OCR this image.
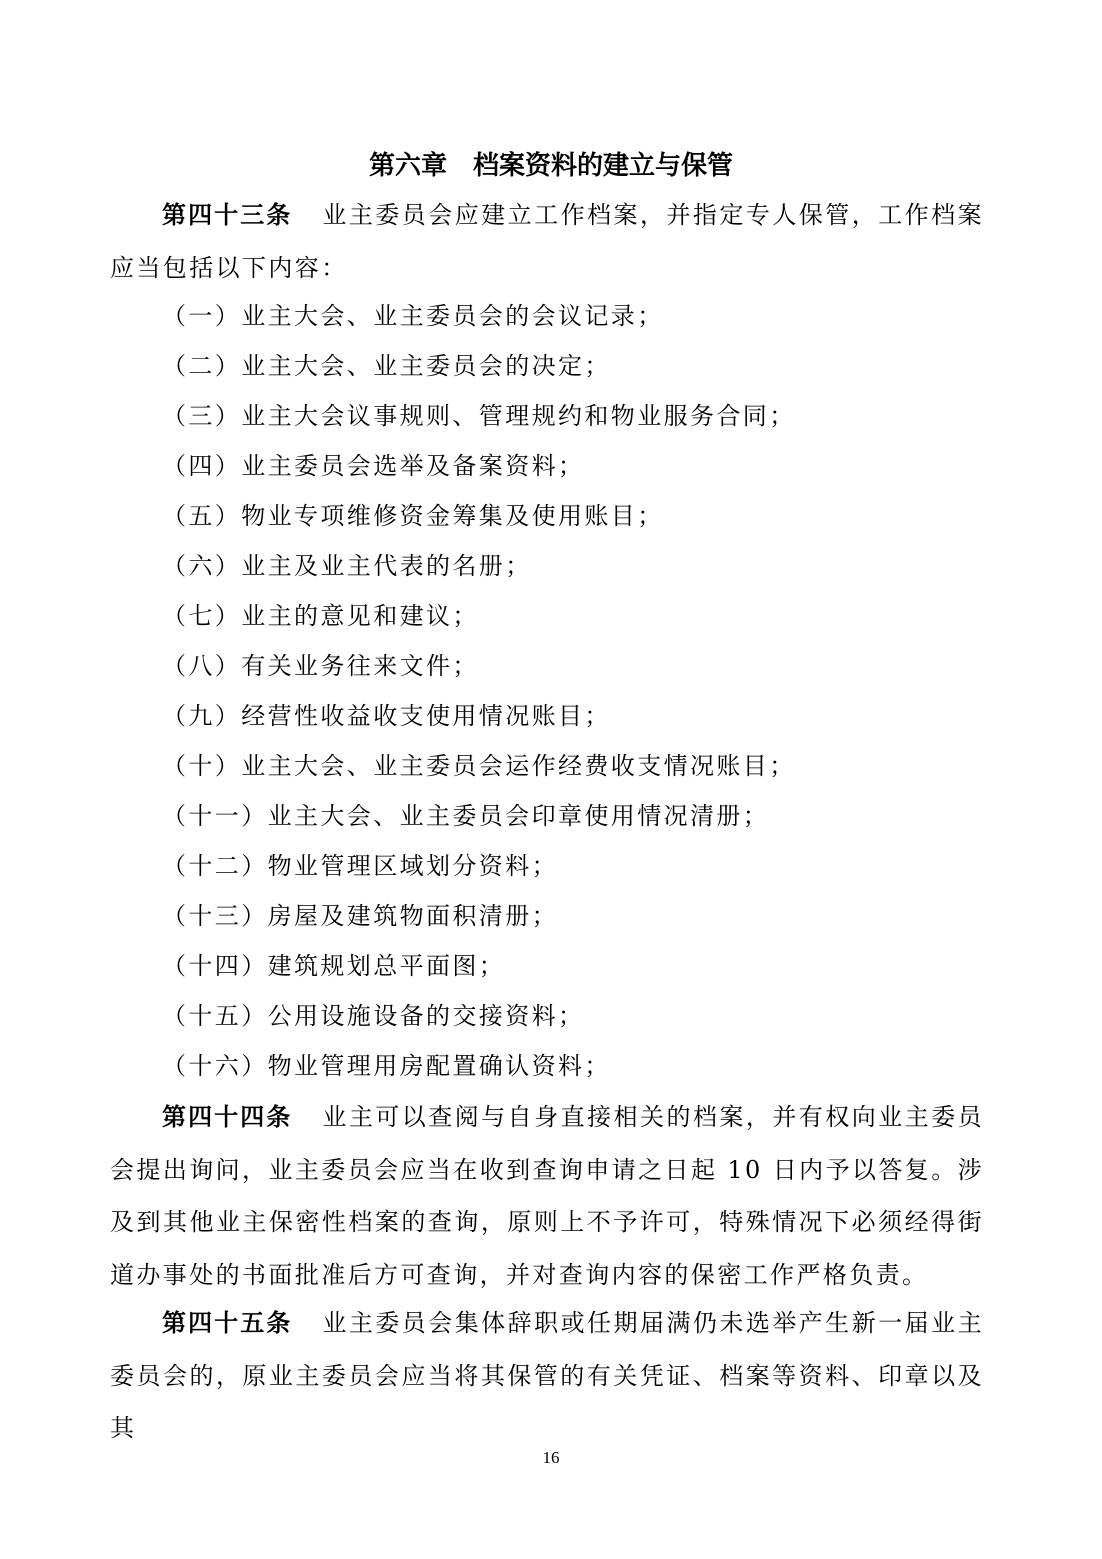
第六章　档案资料的建立与保管

第四十三条 业主委员会应建立工作档案，并指定专人保管，工作档案应当包括以下内容：

（一）业主大会、业主委员会的会议记录；
（二）业主大会、业主委员会的决定；
（三）业主大会议事规则、管理规约和物业服务合同；
（四）业主委员会选举及备案资料；
（五）物业专项维修资金筹集及使用账目；
（六）业主及业主代表的名册；
（七）业主的意见和建议；
（八）有关业务往来文件；
（九）经营性收益收支使用情况账目；
（十）业主大会、业主委员会运作经费收支情况账目；
（十一）业主大会、业主委员会印章使用情况清册；
（十二）物业管理区域划分资料；
（十三）房屋及建筑物面积清册；
（十四）建筑规划总平面图；
（十五）公用设施设备的交接资料；
（十六）物业管理用房配置确认资料；

第四十四条 业主可以查阅与自身直接相关的档案，并有权向业主委员会提出询问，业主委员会应当在收到查询申请之日起 10 日内予以答复。涉及到其他业主保密性档案的查询，原则上不予许可，特殊情况下必须经得街道办事处的书面批准后方可查询，并对查询内容的保密工作严格负责。

第四十五条 业主委员会集体辞职或任期届满仍未选举产生新一届业主委员会的，原业主委员会应当将其保管的有关凭证、档案等资料、印章以及其

16
